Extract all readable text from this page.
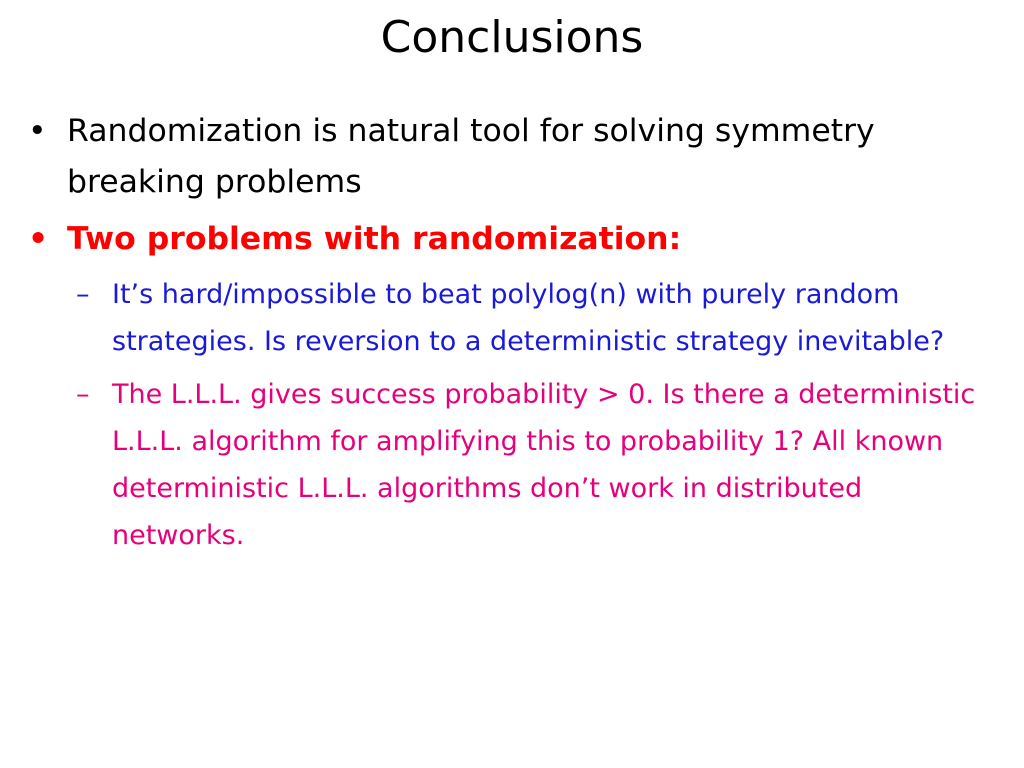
Conclusions
• Randomization is natural tool for solving symmetry breaking problems
• Two problems with randomization:
– It’s hard/impossible to beat polylog(n) with purely random strategies. Is reversion to a deterministic strategy inevitable?
– The L.L.L. gives success probability > 0. Is there a deterministic L.L.L. algorithm for amplifying this to probability 1? All known deterministic L.L.L. algorithms don’t work in distributed networks.
